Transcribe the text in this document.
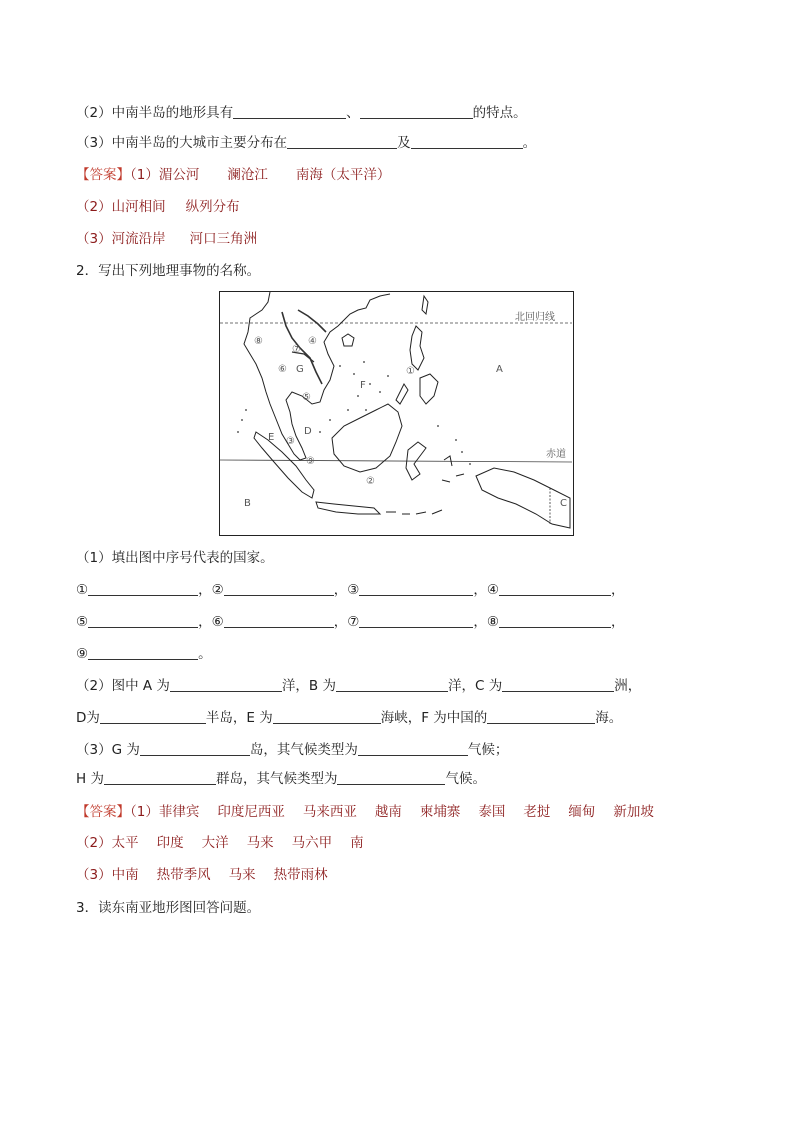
（2）中南半岛的地形具有	、	的特点。
（3）中南半岛的大城市主要分布在	及	。
【答案】（1）湄公河 澜沧江 南海（太平洋）
（2）山河相间 纵列分布
（3）河流沿岸 河口三角洲
2．写出下列地理事物的名称。
北回归线
赤道
A
B	C
D
E
F
G	①
②
③
④
⑤
⑥
⑦
⑧
⑨
（1）填出图中序号代表的国家。
①	，②	，③	，④	，
⑤	，⑥	，⑦	，⑧	，
⑨	。
（2）图中 A 为	洋，B 为	洋，C 为	洲，
D为	半岛，E 为	海峡，F 为中国的	海。
（3）G 为	岛，其气候类型为	气候；
H 为	群岛，其气候类型为	气候。
【答案】（1）菲律宾 印度尼西亚 马来西亚 越南 柬埔寨 泰国 老挝 缅甸 新加坡
（2）太平 印度 大洋 马来 马六甲 南
（3）中南 热带季风 马来 热带雨林
3．读东南亚地形图回答问题。
